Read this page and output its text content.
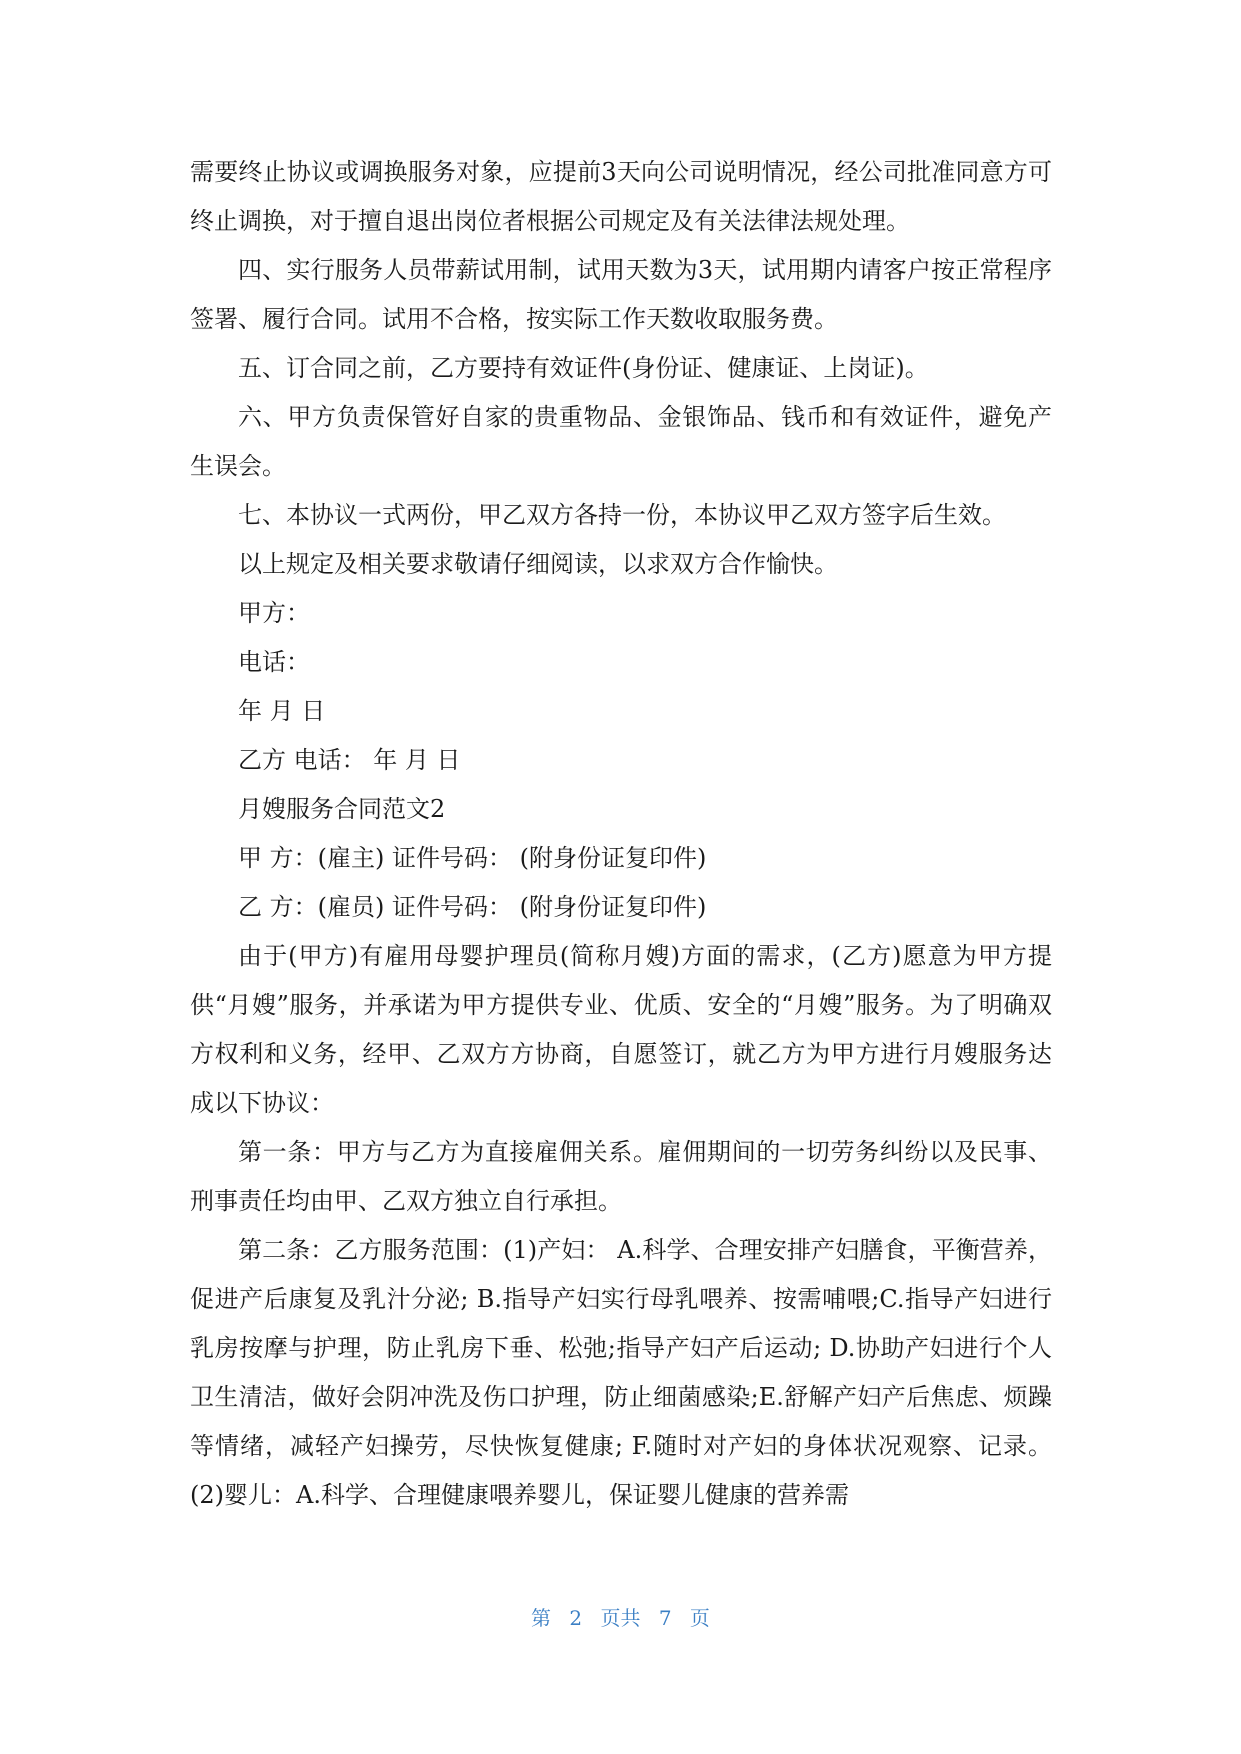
需要终止协议或调换服务对象，应提前3天向公司说明情况，经公司批准同意方可终止调换，对于擅自退出岗位者根据公司规定及有关法律法规处理。

四、实行服务人员带薪试用制，试用天数为3天，试用期内请客户按正常程序签署、履行合同。试用不合格，按实际工作天数收取服务费。

五、订合同之前，乙方要持有效证件(身份证、健康证、上岗证)。

六、甲方负责保管好自家的贵重物品、金银饰品、钱币和有效证件，避免产生误会。

七、本协议一式两份，甲乙双方各持一份，本协议甲乙双方签字后生效。

以上规定及相关要求敬请仔细阅读，以求双方合作愉快。

甲方：

电话：

年 月 日

乙方 电话： 年 月 日

月嫂服务合同范文2

甲 方：(雇主) 证件号码： (附身份证复印件)

乙 方：(雇员) 证件号码： (附身份证复印件)

由于(甲方)有雇用母婴护理员(简称月嫂)方面的需求，(乙方)愿意为甲方提供“月嫂”服务，并承诺为甲方提供专业、优质、安全的“月嫂”服务。为了明确双方权利和义务，经甲、乙双方方协商，自愿签订，就乙方为甲方进行月嫂服务达成以下协议：

第一条：甲方与乙方为直接雇佣关系。雇佣期间的一切劳务纠纷以及民事、刑事责任均由甲、乙双方独立自行承担。

第二条：乙方服务范围：(1)产妇： A.科学、合理安排产妇膳食，平衡营养，促进产后康复及乳汁分泌; B.指导产妇实行母乳喂养、按需哺喂;C.指导产妇进行乳房按摩与护理，防止乳房下垂、松弛;指导产妇产后运动; D.协助产妇进行个人卫生清洁，做好会阴冲洗及伤口护理，防止细菌感染;E.舒解产妇产后焦虑、烦躁等情绪，减轻产妇操劳，尽快恢复健康; F.随时对产妇的身体状况观察、记录。(2)婴儿：A.科学、合理健康喂养婴儿，保证婴儿健康的营养需

第 2 页共 7 页
